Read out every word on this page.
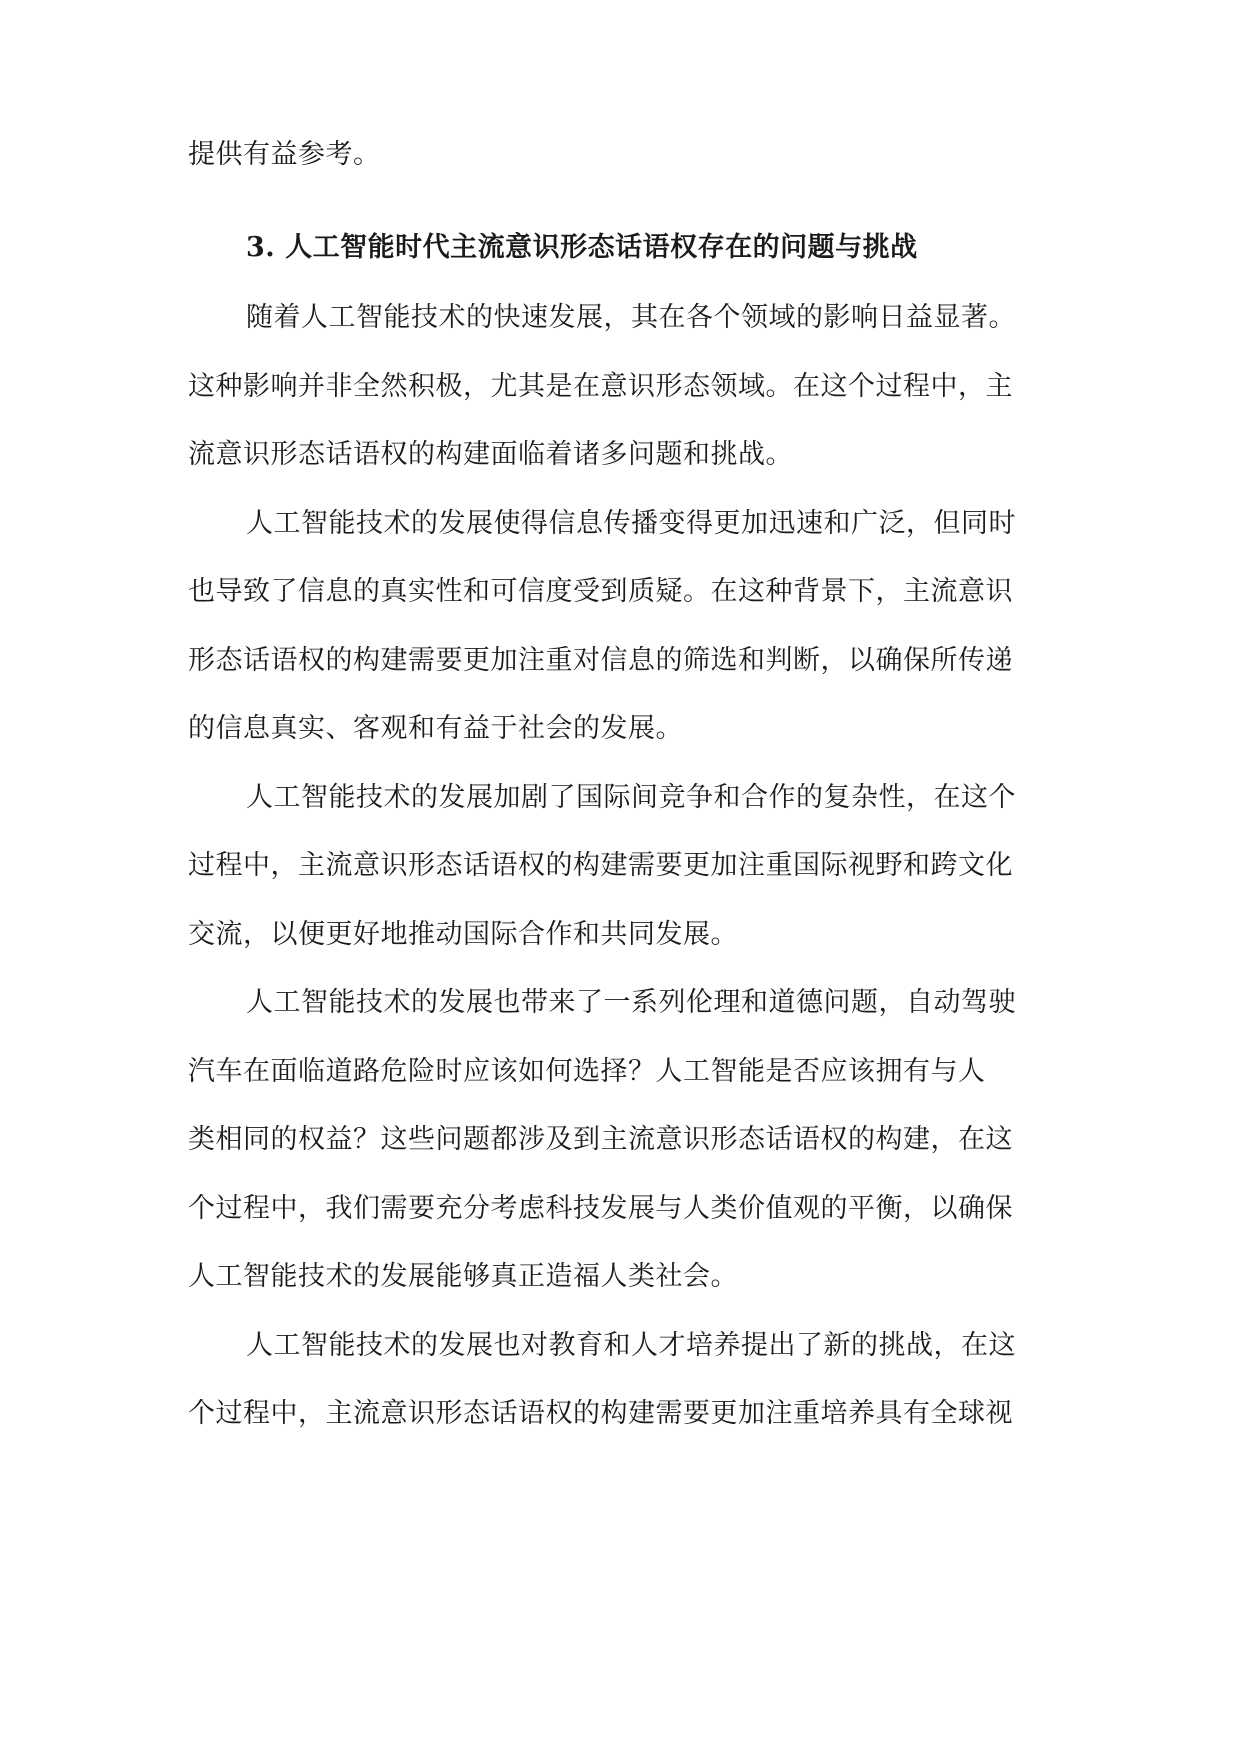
提供有益参考。
3. 人工智能时代主流意识形态话语权存在的问题与挑战
随着人工智能技术的快速发展，其在各个领域的影响日益显著。
这种影响并非全然积极，尤其是在意识形态领域。在这个过程中，主
流意识形态话语权的构建面临着诸多问题和挑战。
人工智能技术的发展使得信息传播变得更加迅速和广泛，但同时
也导致了信息的真实性和可信度受到质疑。在这种背景下，主流意识
形态话语权的构建需要更加注重对信息的筛选和判断，以确保所传递
的信息真实、客观和有益于社会的发展。
人工智能技术的发展加剧了国际间竞争和合作的复杂性，在这个
过程中，主流意识形态话语权的构建需要更加注重国际视野和跨文化
交流，以便更好地推动国际合作和共同发展。
人工智能技术的发展也带来了一系列伦理和道德问题，自动驾驶
汽车在面临道路危险时应该如何选择？人工智能是否应该拥有与人
类相同的权益？这些问题都涉及到主流意识形态话语权的构建，在这
个过程中，我们需要充分考虑科技发展与人类价值观的平衡，以确保
人工智能技术的发展能够真正造福人类社会。
人工智能技术的发展也对教育和人才培养提出了新的挑战，在这
个过程中，主流意识形态话语权的构建需要更加注重培养具有全球视
